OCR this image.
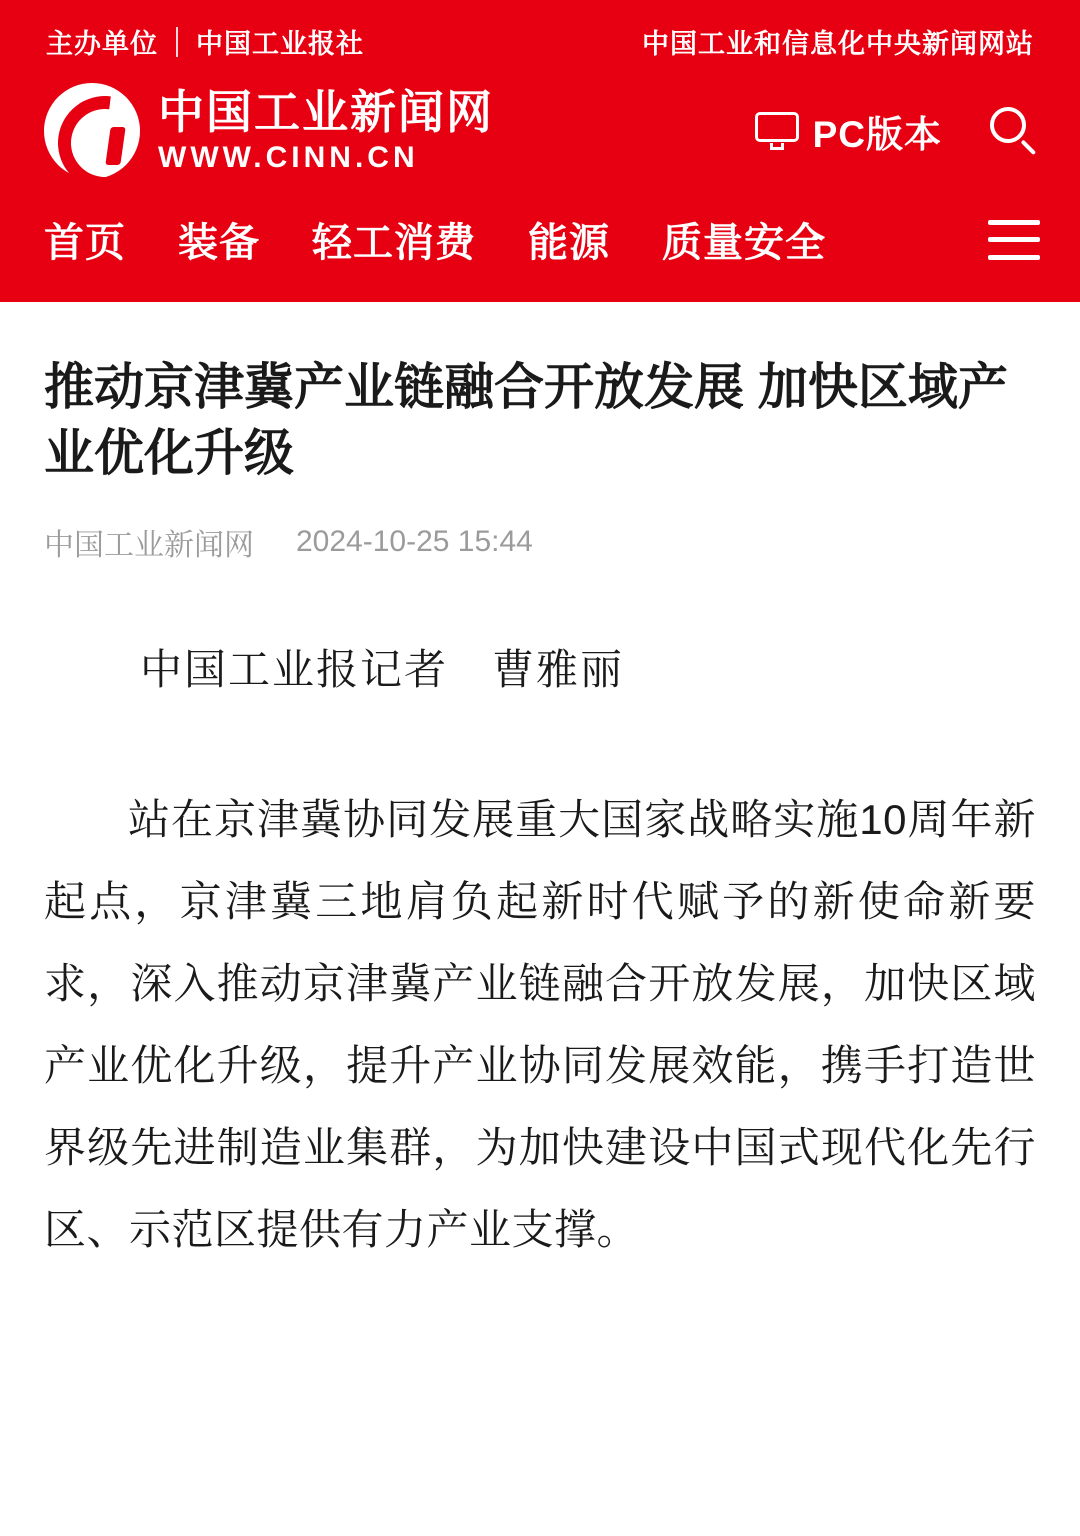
主办单位 中国工业报社	中国工业和信息化中央新闻网站
中国工业新闻网
WWW.CINN.CN
PC版本
首页 装备 轻工消费 能源 质量安全
推动京津冀产业链融合开放发展 加快区域产业优化升级
中国工业新闻网 2024-10-25 15:44
中国工业报记者　曹雅丽

站在京津冀协同发展重大国家战略实施10周年新起点，京津冀三地肩负起新时代赋予的新使命新要求，深入推动京津冀产业链融合开放发展，加快区域产业优化升级，提升产业协同发展效能，携手打造世界级先进制造业集群，为加快建设中国式现代化先行区、示范区提供有力产业支撑。
